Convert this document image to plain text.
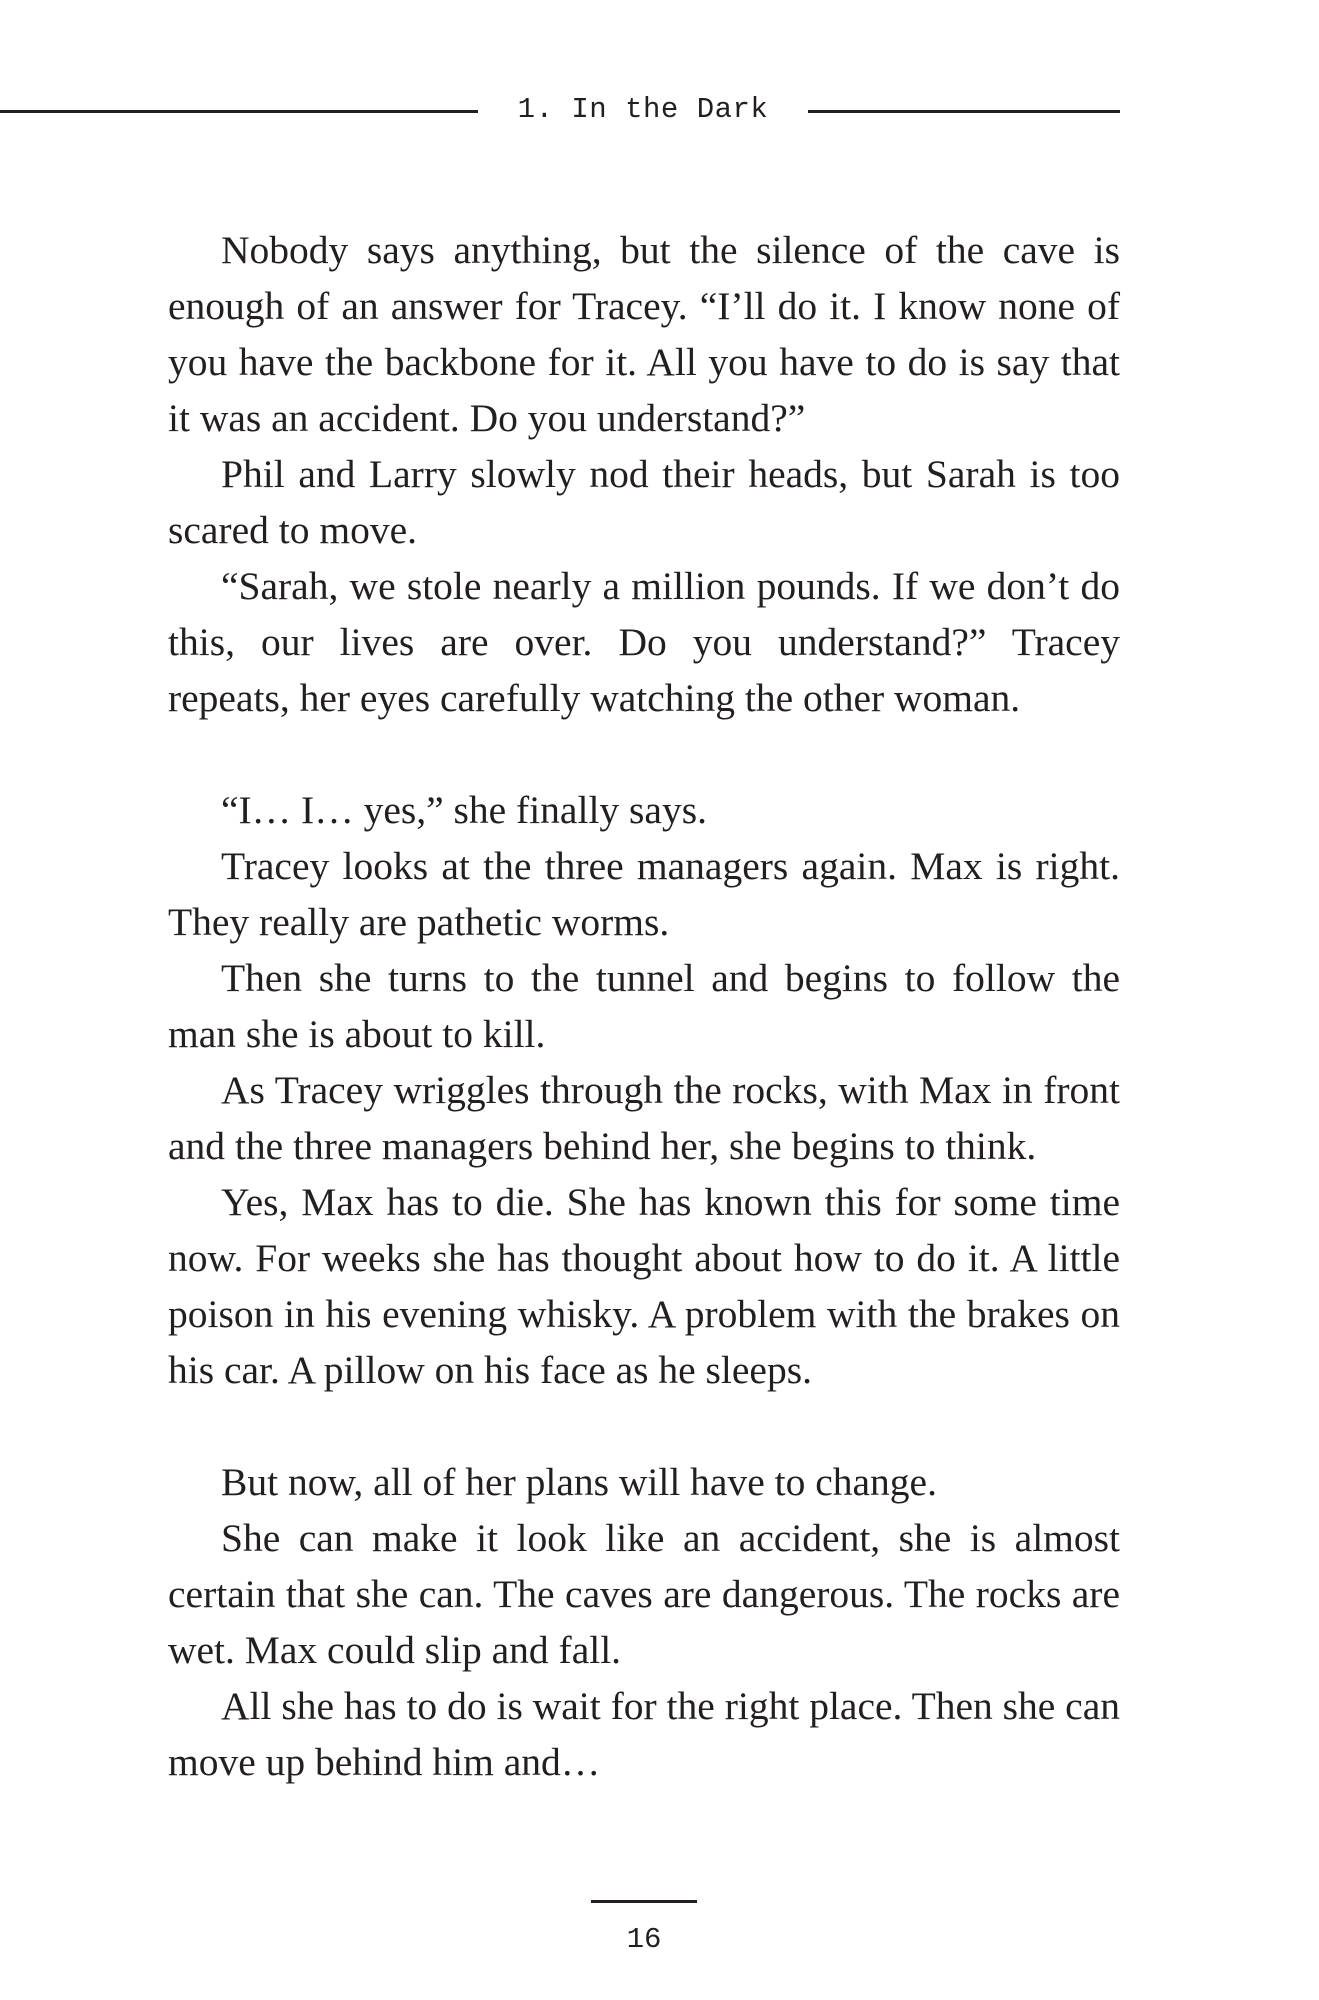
1. In the Dark

Nobody says anything, but the silence of the cave is enough of an answer for Tracey. “I’ll do it. I know none of you have the backbone for it. All you have to do is say that it was an accident. Do you understand?”

Phil and Larry slowly nod their heads, but Sarah is too scared to move.

“Sarah, we stole nearly a million pounds. If we don’t do this, our lives are over. Do you understand?” Tracey repeats, her eyes carefully watching the other woman.

“I… I… yes,” she finally says.

Tracey looks at the three managers again. Max is right. They really are pathetic worms.

Then she turns to the tunnel and begins to follow the man she is about to kill.

As Tracey wriggles through the rocks, with Max in front and the three managers behind her, she begins to think.

Yes, Max has to die. She has known this for some time now. For weeks she has thought about how to do it. A little poison in his evening whisky. A problem with the brakes on his car. A pillow on his face as he sleeps.

But now, all of her plans will have to change.

She can make it look like an accident, she is almost certain that she can. The caves are dangerous. The rocks are wet. Max could slip and fall.

All she has to do is wait for the right place. Then she can move up behind him and…

16
